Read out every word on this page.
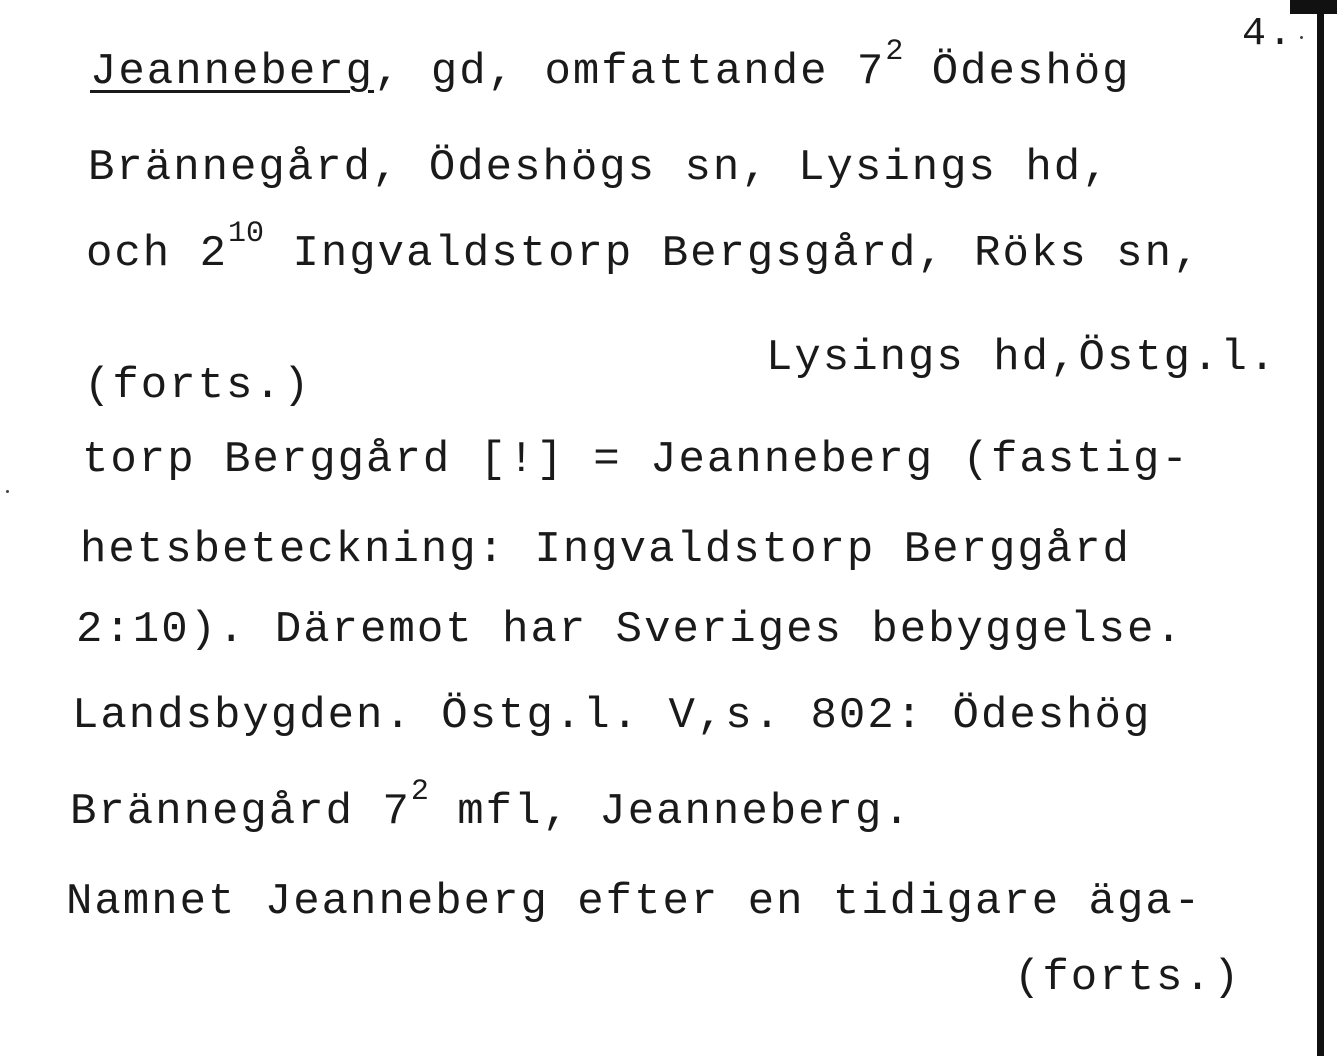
4.
Jeanneberg, gd, omfattande $7^2$ Ödeshög
Brännegård, Ödeshögs sn, Lysings hd,
och $2^{10}$ Ingvaldstorp Bergsgård, Röks sn,
Lysings hd,Östg.l.
(forts.)
torp Berggård [!] = Jeanneberg (fastig-
hetsbeteckning: Ingvaldstorp Berggård
2:10). Däremot har Sveriges bebyggelse.
Landsbygden. Östg.l. V,s. 802: Ödeshög
Brännegård $7^2$ mfl, Jeanneberg.
Namnet Jeanneberg efter en tidigare äga-
(forts.)
